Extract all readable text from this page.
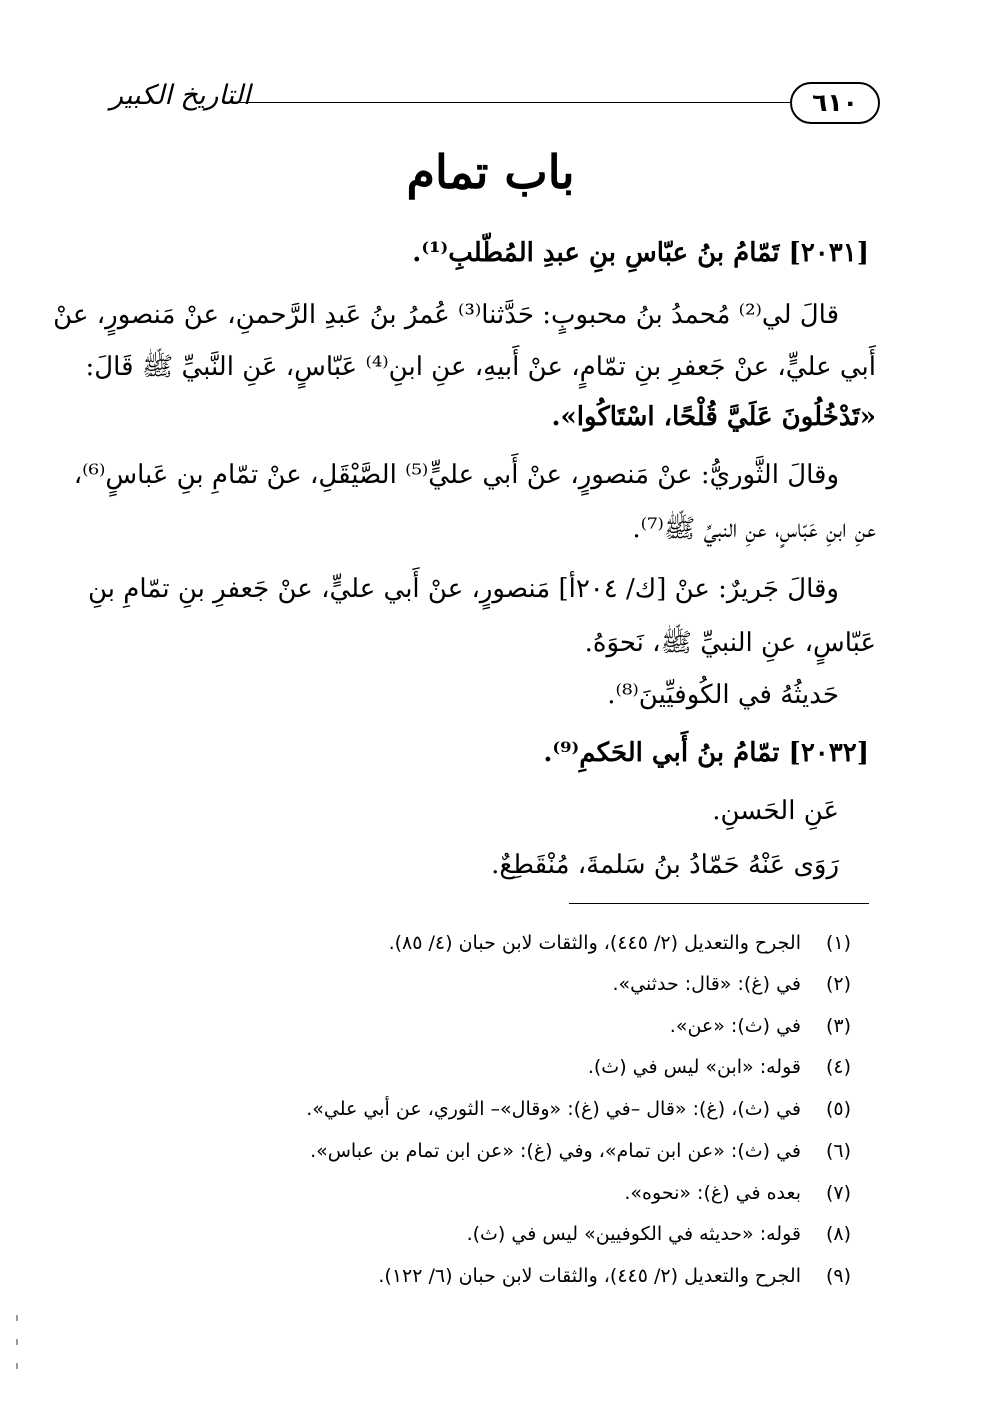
٦١٠
التاريخ الكبير
باب تمام
[٢٠٣١] تَمّامُ بنُ عبّاسِ بنِ عبدِ المُطّلبِ⁽¹⁾.
قالَ لي⁽²⁾ مُحمدُ بنُ محبوبٍ: حَدَّثنا⁽³⁾ عُمرُ بنُ عَبدِ الرَّحمنِ، عنْ مَنصورٍ، عنْ
أَبي عليٍّ، عنْ جَعفرِ بنِ تمّامٍ، عنْ أَبيهِ، عنِ ابنِ⁽⁴⁾ عَبّاسٍ، عَنِ النَّبيِّ ﷺ قَالَ:
«تَدْخُلُونَ عَلَيَّ قُلْحًا، اسْتَاكُوا».
وقالَ الثَّوريُّ: عنْ مَنصورٍ، عنْ أَبي عليٍّ⁽⁵⁾ الصَّيْقَلِ، عنْ تمّامِ بنِ عَباسٍ⁽⁶⁾،
عنِ ابنِ عَبّاسٍ، عنِ النبيِّ ﷺ⁽⁷⁾.
وقالَ جَريرٌ: عنْ [ك/ ٢٠٤أ] مَنصورٍ، عنْ أَبي عليٍّ، عنْ جَعفرِ بنِ تمّامِ بنِ
عَبّاسٍ، عنِ النبيِّ ﷺ، نَحوَهُ.
حَديثُهُ في الكُوفيِّينَ⁽⁸⁾.
[٢٠٣٢] تمّامُ بنُ أَبي الحَكمِ⁽⁹⁾.
عَنِ الحَسنِ.
رَوَى عَنْهُ حَمّادُ بنُ سَلمةَ، مُنْقَطِعٌ.
(١)الجرح والتعديل (٢/ ٤٤٥)، والثقات لابن حبان (٤/ ٨٥).
(٢)في (غ): «قال: حدثني».
(٣)في (ث): «عن».
(٤)قوله: «ابن» ليس في (ث).
(٥)في (ث)، (غ): «قال –في (غ): «وقال»– الثوري، عن أبي علي».
(٦)في (ث): «عن ابن تمام»، وفي (غ): «عن ابن تمام بن عباس».
(٧)بعده في (غ): «نحوه».
(٨)قوله: «حديثه في الكوفيين» ليس في (ث).
(٩)الجرح والتعديل (٢/ ٤٤٥)، والثقات لابن حبان (٦/ ١٢٢).
